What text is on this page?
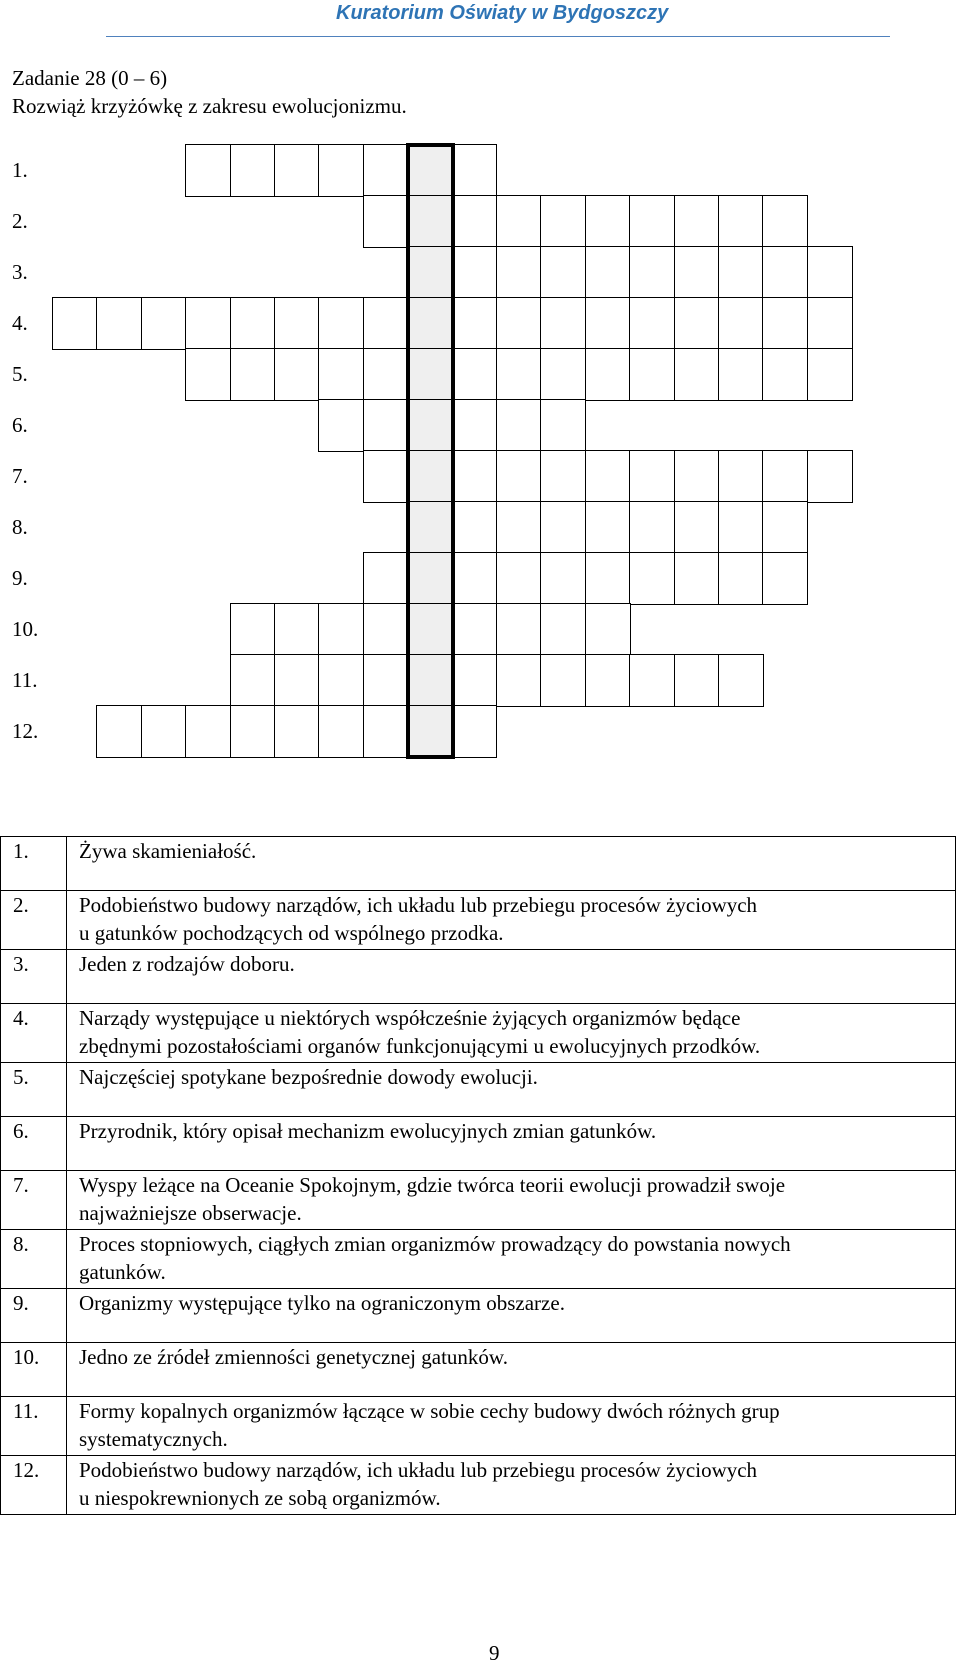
Kuratorium Oświaty w Bydgoszczy
Zadanie 28 (0 – 6)
Rozwiąż krzyżówkę z zakresu ewolucjonizmu.
1.
2.
3.
4.
5.
6.
7.
8.
9.
10.
11.
12.
1.	Żywa skamieniałość.

2.	Podobieństwo budowy narządów, ich układu lub przebiegu procesów życiowych
u gatunków pochodzących od wspólnego przodka.

3.	Jeden z rodzajów doboru.

4.	Narządy występujące u niektórych współcześnie żyjących organizmów będące
zbędnymi pozostałościami organów funkcjonującymi u ewolucyjnych przodków.

5.	Najczęściej spotykane bezpośrednie dowody ewolucji.

6.	Przyrodnik, który opisał mechanizm ewolucyjnych zmian gatunków.

7.	Wyspy leżące na Oceanie Spokojnym, gdzie twórca teorii ewolucji prowadził swoje
najważniejsze obserwacje.

8.	Proces stopniowych, ciągłych zmian organizmów prowadzący do powstania nowych
gatunków.

9.	Organizmy występujące tylko na ograniczonym obszarze.

10.	Jedno ze źródeł zmienności genetycznej gatunków.

11.	Formy kopalnych organizmów łączące w sobie cechy budowy dwóch różnych grup
systematycznych.

12.	Podobieństwo budowy narządów, ich układu lub przebiegu procesów życiowych
u niespokrewnionych ze sobą organizmów.
9
